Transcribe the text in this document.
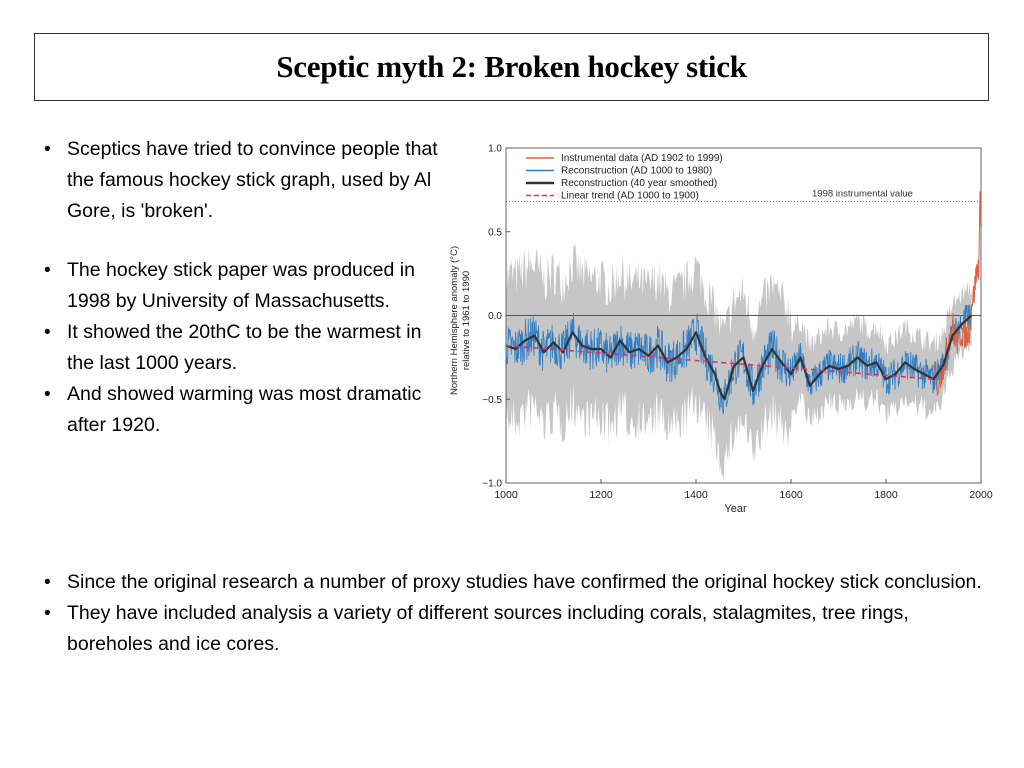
Sceptic myth 2: Broken hockey stick
• Sceptics have tried to convince people that the famous hockey stick graph, used by Al Gore, is 'broken'.
• The hockey stick paper was produced in 1998 by University of Massachusetts.
• It showed the 20thC to be the warmest in the last 1000 years.
• And showed warming was most dramatic after 1920.
• Since the original research a number of proxy studies have confirmed the original hockey stick conclusion.
• They have included analysis a variety of different sources including corals, stalagmites, tree rings, boreholes and ice cores.
1998 instrumental value
−1.0
−0.5
0.0
0.5
1.0
1000	1200	1400	1600	1800	2000
Year
Northern Hemisphere anomaly (°C) relative to 1961 to 1990
Instrumental data (AD 1902 to 1999)
Reconstruction (AD 1000 to 1980)
Reconstruction (40 year smoothed)
Linear trend (AD 1000 to 1900)
